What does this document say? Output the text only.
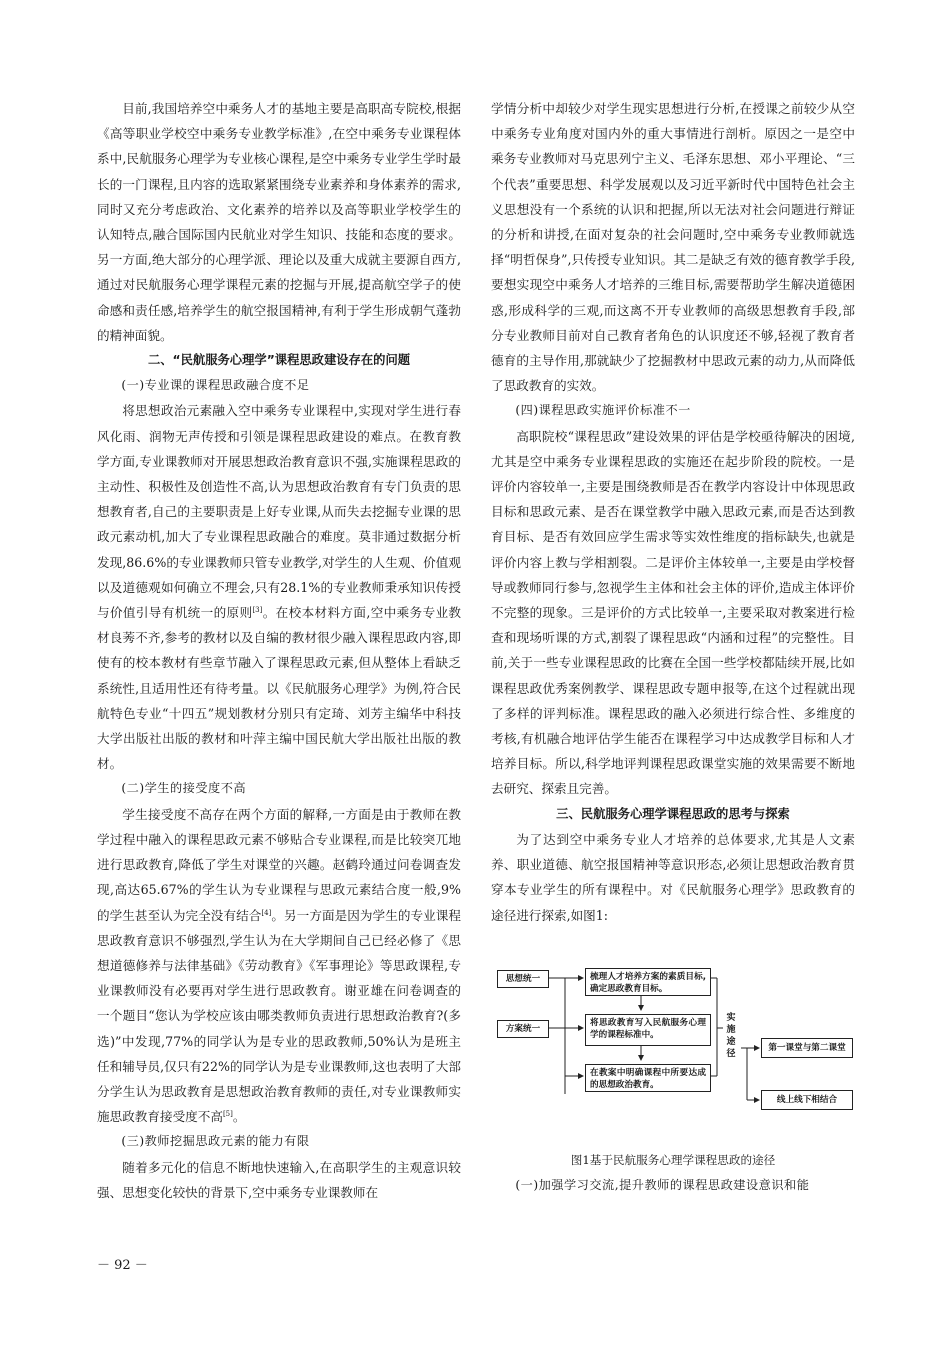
目前,我国培养空中乘务人才的基地主要是高职高专院校,根据《高等职业学校空中乘务专业教学标准》,在空中乘务专业课程体系中,民航服务心理学为专业核心课程,是空中乘务专业学生学时最长的一门课程,且内容的选取紧紧围绕专业素养和身体素养的需求,同时又充分考虑政治、文化素养的培养以及高等职业学校学生的认知特点,融合国际国内民航业对学生知识、技能和态度的要求。另一方面,绝大部分的心理学派、理论以及重大成就主要源自西方,通过对民航服务心理学课程元素的挖掘与开展,提高航空学子的使命感和责任感,培养学生的航空报国精神,有利于学生形成朝气蓬勃的精神面貌。

二、“民航服务心理学”课程思政建设存在的问题

(一)专业课的课程思政融合度不足

将思想政治元素融入空中乘务专业课程中,实现对学生进行春风化雨、润物无声传授和引领是课程思政建设的难点。在教育教学方面,专业课教师对开展思想政治教育意识不强,实施课程思政的主动性、积极性及创造性不高,认为思想政治教育有专门负责的思想教育者,自己的主要职责是上好专业课,从而失去挖掘专业课的思政元素动机,加大了专业课程思政融合的难度。莫非通过数据分析发现,86.6%的专业课教师只管专业教学,对学生的人生观、价值观以及道德观如何确立不理会,只有28.1%的专业教师秉承知识传授与价值引导有机统一的原则[3]。在校本材料方面,空中乘务专业教材良莠不齐,参考的教材以及自编的教材很少融入课程思政内容,即使有的校本教材有些章节融入了课程思政元素,但从整体上看缺乏系统性,且适用性还有待考量。以《民航服务心理学》为例,符合民航特色专业“十四五”规划教材分别只有定琦、刘芳主编华中科技大学出版社出版的教材和叶萍主编中国民航大学出版社出版的教材。

(二)学生的接受度不高

学生接受度不高存在两个方面的解释,一方面是由于教师在教学过程中融入的课程思政元素不够贴合专业课程,而是比较突兀地进行思政教育,降低了学生对课堂的兴趣。赵鹤玲通过问卷调查发现,高达65.67%的学生认为专业课程与思政元素结合度一般,9%的学生甚至认为完全没有结合[4]。另一方面是因为学生的专业课程思政教育意识不够强烈,学生认为在大学期间自己已经必修了《思想道德修养与法律基础》《劳动教育》《军事理论》等思政课程,专业课教师没有必要再对学生进行思政教育。谢亚雄在问卷调查的一个题目“您认为学校应该由哪类教师负责进行思想政治教育?(多选)”中发现,77%的同学认为是专业的思政教师,50%认为是班主任和辅导员,仅只有22%的同学认为是专业课教师,这也表明了大部分学生认为思政教育是思想政治教育教师的责任,对专业课教师实施思政教育接受度不高[5]。

(三)教师挖掘思政元素的能力有限

随着多元化的信息不断地快速输入,在高职学生的主观意识较强、思想变化较快的背景下,空中乘务专业课教师在

学情分析中却较少对学生现实思想进行分析,在授课之前较少从空中乘务专业角度对国内外的重大事情进行剖析。原因之一是空中乘务专业教师对马克思列宁主义、毛泽东思想、邓小平理论、“三个代表”重要思想、科学发展观以及习近平新时代中国特色社会主义思想没有一个系统的认识和把握,所以无法对社会问题进行辩证的分析和讲授,在面对复杂的社会问题时,空中乘务专业教师就选择“明哲保身”,只传授专业知识。其二是缺乏有效的德育教学手段,要想实现空中乘务人才培养的三维目标,需要帮助学生解决道德困惑,形成科学的三观,而这离不开专业教师的高级思想教育手段,部分专业教师目前对自己教育者角色的认识度还不够,轻视了教育者德育的主导作用,那就缺少了挖掘教材中思政元素的动力,从而降低了思政教育的实效。

(四)课程思政实施评价标准不一

高职院校“课程思政”建设效果的评估是学校亟待解决的困境,尤其是空中乘务专业课程思政的实施还在起步阶段的院校。一是评价内容较单一,主要是围绕教师是否在教学内容设计中体现思政目标和思政元素、是否在课堂教学中融入思政元素,而是否达到教育目标、是否有效回应学生需求等实效性维度的指标缺失,也就是评价内容上教与学相割裂。二是评价主体较单一,主要是由学校督导或教师同行参与,忽视学生主体和社会主体的评价,造成主体评价不完整的现象。三是评价的方式比较单一,主要采取对教案进行检查和现场听课的方式,割裂了课程思政“内涵和过程”的完整性。目前,关于一些专业课程思政的比赛在全国一些学校都陆续开展,比如课程思政优秀案例教学、课程思政专题申报等,在这个过程就出现了多样的评判标准。课程思政的融入必须进行综合性、多维度的考核,有机融合地评估学生能否在课程学习中达成教学目标和人才培养目标。所以,科学地评判课程思政课堂实施的效果需要不断地去研究、探索且完善。

三、民航服务心理学课程思政的思考与探索

为了达到空中乘务专业人才培养的总体要求,尤其是人文素养、职业道德、航空报国精神等意识形态,必须让思想政治教育贯穿本专业学生的所有课程中。对《民航服务心理学》思政教育的途径进行探索,如图1:

思想统一
方案统一
梳理人才培养方案的素质目标,确定思政教育目标。
将思政教育写入民航服务心理学的课程标准中。
在教案中明确课程中所要达成的思想政治教育。
实施途径
第一课堂与第二课堂
线上线下相结合

图1基于民航服务心理学课程思政的途径

(一)加强学习交流,提升教师的课程思政建设意识和能

－ 92 －
